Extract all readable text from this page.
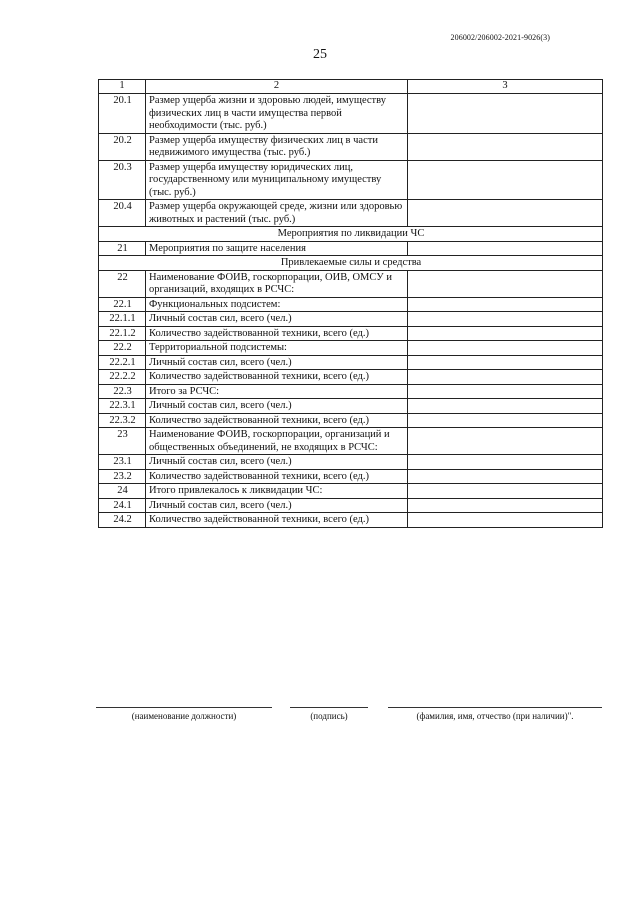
206002/206002-2021-9026(3)
25
1	2	3
20.1	Размер ущерба жизни и здоровью людей, имуществу физических лиц в части имущества первой необходимости (тыс. руб.)	
20.2	Размер ущерба имуществу физических лиц в части недвижимого имущества (тыс. руб.)	
20.3	Размер ущерба имуществу юридических лиц, государственному или муниципальному имуществу (тыс. руб.)	
20.4	Размер ущерба окружающей среде, жизни или здоровью животных и растений (тыс. руб.)	
Мероприятия по ликвидации ЧС		
21	Мероприятия по защите населения	
Привлекаемые силы и средства		
22	Наименование ФОИВ, госкорпорации, ОИВ, ОМСУ и организаций, входящих в РСЧС:	
22.1	Функциональных подсистем:	
22.1.1	Личный состав сил, всего (чел.)	
22.1.2	Количество задействованной техники, всего (ед.)	
22.2	Территориальной подсистемы:	
22.2.1	Личный состав сил, всего (чел.)	
22.2.2	Количество задействованной техники, всего (ед.)	
22.3	Итого за РСЧС:	
22.3.1	Личный состав сил, всего (чел.)	
22.3.2	Количество задействованной техники, всего (ед.)	
23	Наименование ФОИВ, госкорпорации, организаций и общественных объединений, не входящих в РСЧС:	
23.1	Личный состав сил, всего (чел.)	
23.2	Количество задействованной техники, всего (ед.)	
24	Итого привлекалось к ликвидации ЧС:	
24.1	Личный состав сил, всего (чел.)	
24.2	Количество задействованной техники, всего (ед.)	
(наименование должности)	(подпись)	(фамилия, имя, отчество (при наличии)".
